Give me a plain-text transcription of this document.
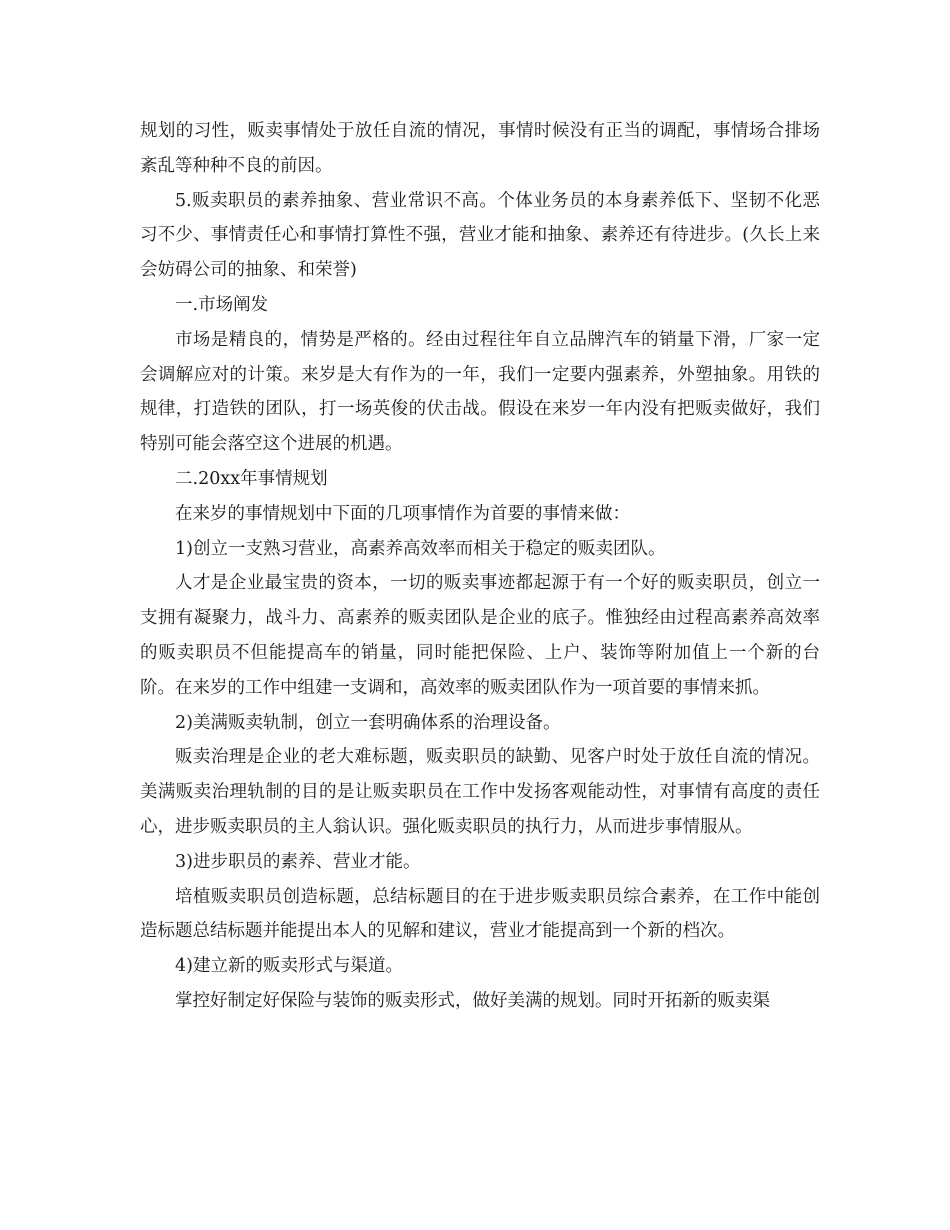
规划的习性，贩卖事情处于放任自流的情况，事情时候没有正当的调配，事情场合排场紊乱等种种不良的前因。

5.贩卖职员的素养抽象、营业常识不高。个体业务员的本身素养低下、坚韧不化恶习不少、事情责任心和事情打算性不强，营业才能和抽象、素养还有待进步。(久长上来会妨碍公司的抽象、和荣誉)

一.市场阐发

市场是精良的，情势是严格的。经由过程往年自立品牌汽车的销量下滑，厂家一定会调解应对的计策。来岁是大有作为的一年，我们一定要内强素养，外塑抽象。用铁的规律，打造铁的团队，打一场英俊的伏击战。假设在来岁一年内没有把贩卖做好，我们特别可能会落空这个进展的机遇。

二.20xx年事情规划

在来岁的事情规划中下面的几项事情作为首要的事情来做：

1)创立一支熟习营业，高素养高效率而相关于稳定的贩卖团队。

人才是企业最宝贵的资本，一切的贩卖事迹都起源于有一个好的贩卖职员，创立一支拥有凝聚力，战斗力、高素养的贩卖团队是企业的底子。惟独经由过程高素养高效率的贩卖职员不但能提高车的销量，同时能把保险、上户、装饰等附加值上一个新的台阶。在来岁的工作中组建一支调和，高效率的贩卖团队作为一项首要的事情来抓。

2)美满贩卖轨制，创立一套明确体系的治理设备。

贩卖治理是企业的老大难标题，贩卖职员的缺勤、见客户时处于放任自流的情况。美满贩卖治理轨制的目的是让贩卖职员在工作中发扬客观能动性，对事情有高度的责任心，进步贩卖职员的主人翁认识。强化贩卖职员的执行力，从而进步事情服从。

3)进步职员的素养、营业才能。

培植贩卖职员创造标题，总结标题目的在于进步贩卖职员综合素养，在工作中能创造标题总结标题并能提出本人的见解和建议，营业才能提高到一个新的档次。

4)建立新的贩卖形式与渠道。

掌控好制定好保险与装饰的贩卖形式，做好美满的规划。同时开拓新的贩卖渠
